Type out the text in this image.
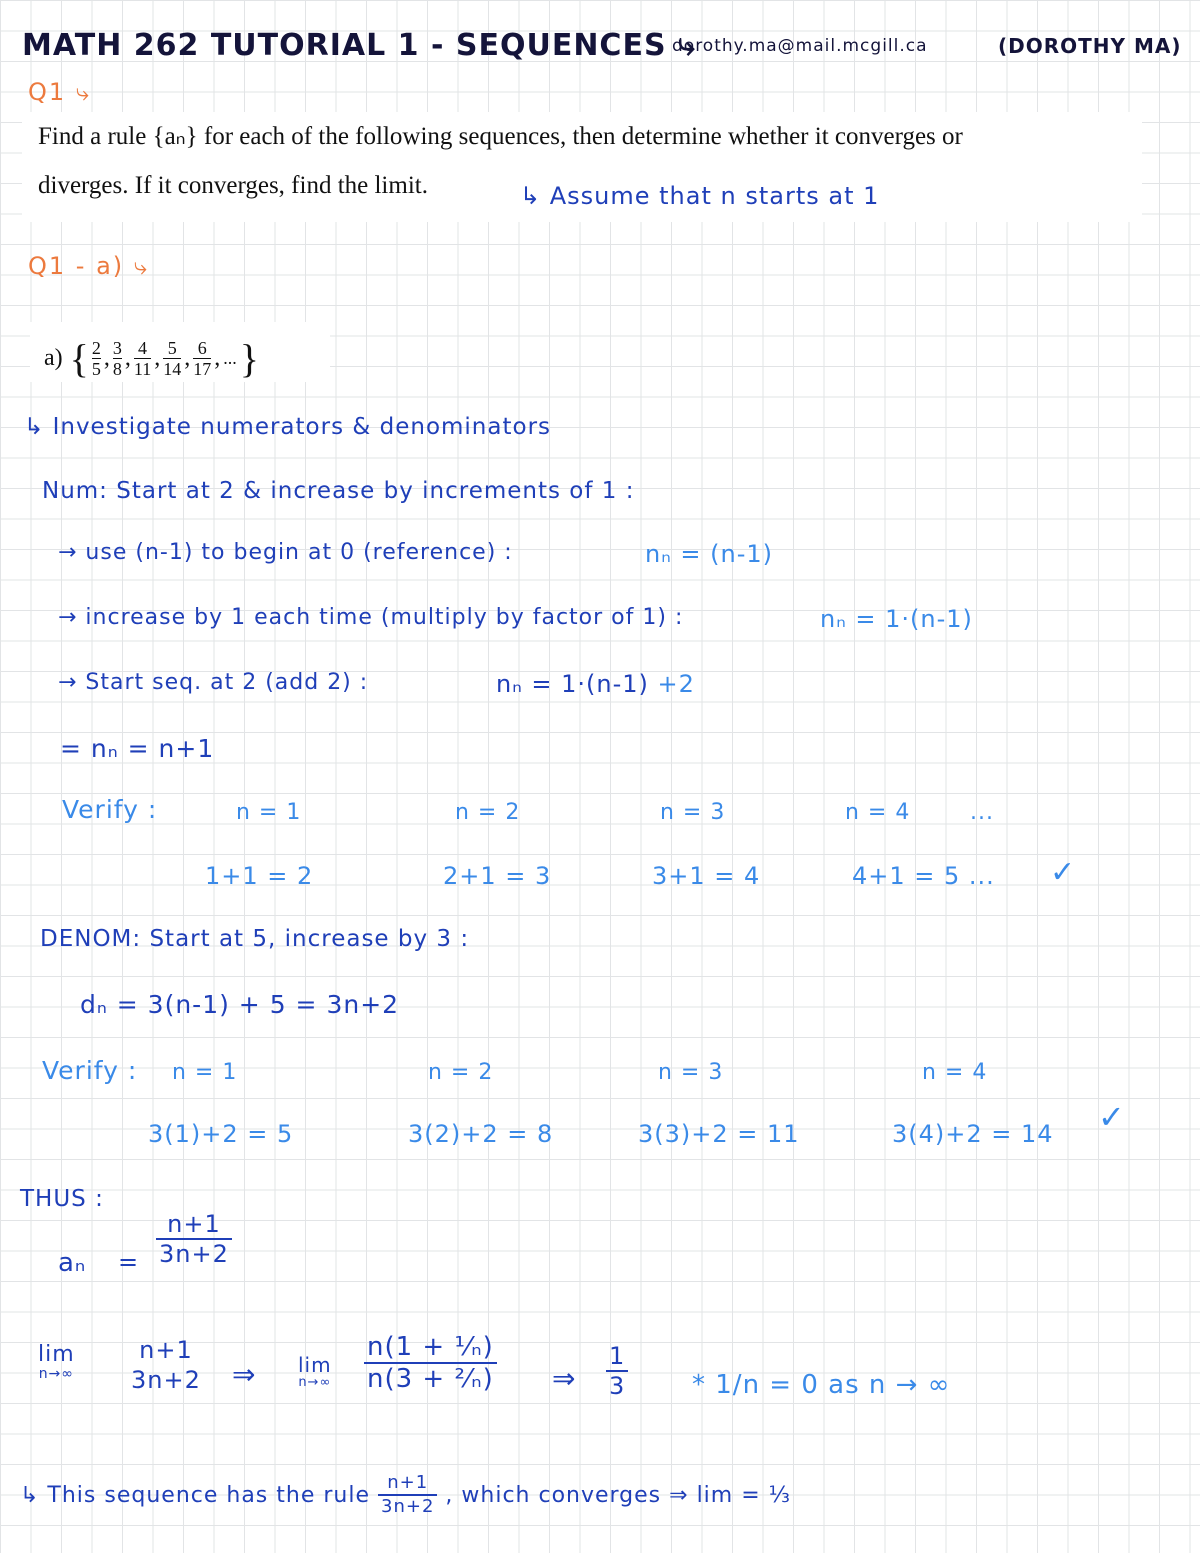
MATH 262 TUTORIAL 1 - SEQUENCES ⤷
dorothy.ma@mail.mcgill.ca	(DOROTHY MA)
Q1 ⤷
Find a rule {aₙ} for each of the following sequences, then determine whether it converges or
diverges. If it converges, find the limit.	↳ Assume that n starts at 1
Q1 - a) ⤷
a) { 2
5 , 3
8 , 4
11 , 5
14 , 6
17 , ... }
↳ Investigate numerators & denominators
Num: Start at 2 & increase by increments of 1 :
→ use (n-1) to begin at 0 (reference) :	nₙ = (n-1)
→ increase by 1 each time (multiply by factor of 1) :	nₙ = 1·(n-1)
→ Start seq. at 2 (add 2) :	nₙ = 1·(n-1) +2
= nₙ = n+1
Verify :	n = 1	n = 2	n = 3	n = 4	...
1+1 = 2	2+1 = 3	3+1 = 4	4+1 = 5 ... ✓
DENOM: Start at 5, increase by 3 :
dₙ = 3(n-1) + 5 = 3n+2
Verify : n = 1	n = 2	n = 3	n = 4
3(1)+2 = 5	3(2)+2 = 8	3(3)+2 = 11	3(4)+2 = 14 ✓
THUS :
$a_n = \frac{n+1}{3n+2}$
lim
n→∞
n+1
3n+2 ⇒ lim
$n\to\infty \frac{\text{n(1 + ¹⁄ₙ)}}{\text{n(3 + ²⁄ₙ)}}$ ⇒ $\frac{1}{3} * 1/n = 0$ as n → ∞
↳ This sequence has the rule $\frac{n+1}{3n+2}$ , which converges ⇒ lim = ⅓
